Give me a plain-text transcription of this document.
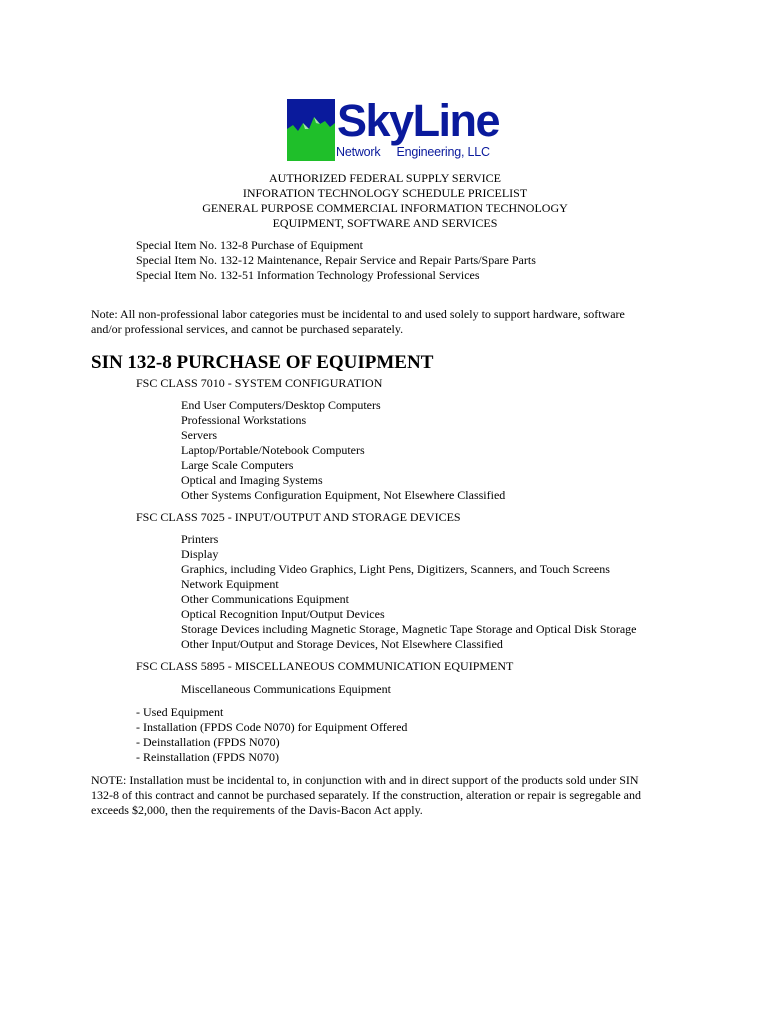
SkyLine
Network Engineering, LLC
AUTHORIZED FEDERAL SUPPLY SERVICE
INFORATION TECHNOLOGY SCHEDULE PRICELIST
GENERAL PURPOSE COMMERCIAL INFORMATION TECHNOLOGY
EQUIPMENT, SOFTWARE AND SERVICES
Special Item No. 132-8 Purchase of Equipment
Special Item No. 132-12 Maintenance, Repair Service and Repair Parts/Spare Parts
Special Item No. 132-51 Information Technology Professional Services
Note: All non-professional labor categories must be incidental to and used solely to support hardware, software
and/or professional services, and cannot be purchased separately.
SIN 132-8 PURCHASE OF EQUIPMENT
FSC CLASS 7010 - SYSTEM CONFIGURATION
End User Computers/Desktop Computers
Professional Workstations
Servers
Laptop/Portable/Notebook Computers
Large Scale Computers
Optical and Imaging Systems
Other Systems Configuration Equipment, Not Elsewhere Classified
FSC CLASS 7025 - INPUT/OUTPUT AND STORAGE DEVICES
Printers
Display
Graphics, including Video Graphics, Light Pens, Digitizers, Scanners, and Touch Screens
Network Equipment
Other Communications Equipment
Optical Recognition Input/Output Devices
Storage Devices including Magnetic Storage, Magnetic Tape Storage and Optical Disk Storage
Other Input/Output and Storage Devices, Not Elsewhere Classified
FSC CLASS 5895 - MISCELLANEOUS COMMUNICATION EQUIPMENT
Miscellaneous Communications Equipment
- Used Equipment
- Installation (FPDS Code N070) for Equipment Offered
- Deinstallation (FPDS N070)
- Reinstallation (FPDS N070)
NOTE: Installation must be incidental to, in conjunction with and in direct support of the products sold under SIN
132-8 of this contract and cannot be purchased separately. If the construction, alteration or repair is segregable and
exceeds $2,000, then the requirements of the Davis-Bacon Act apply.
